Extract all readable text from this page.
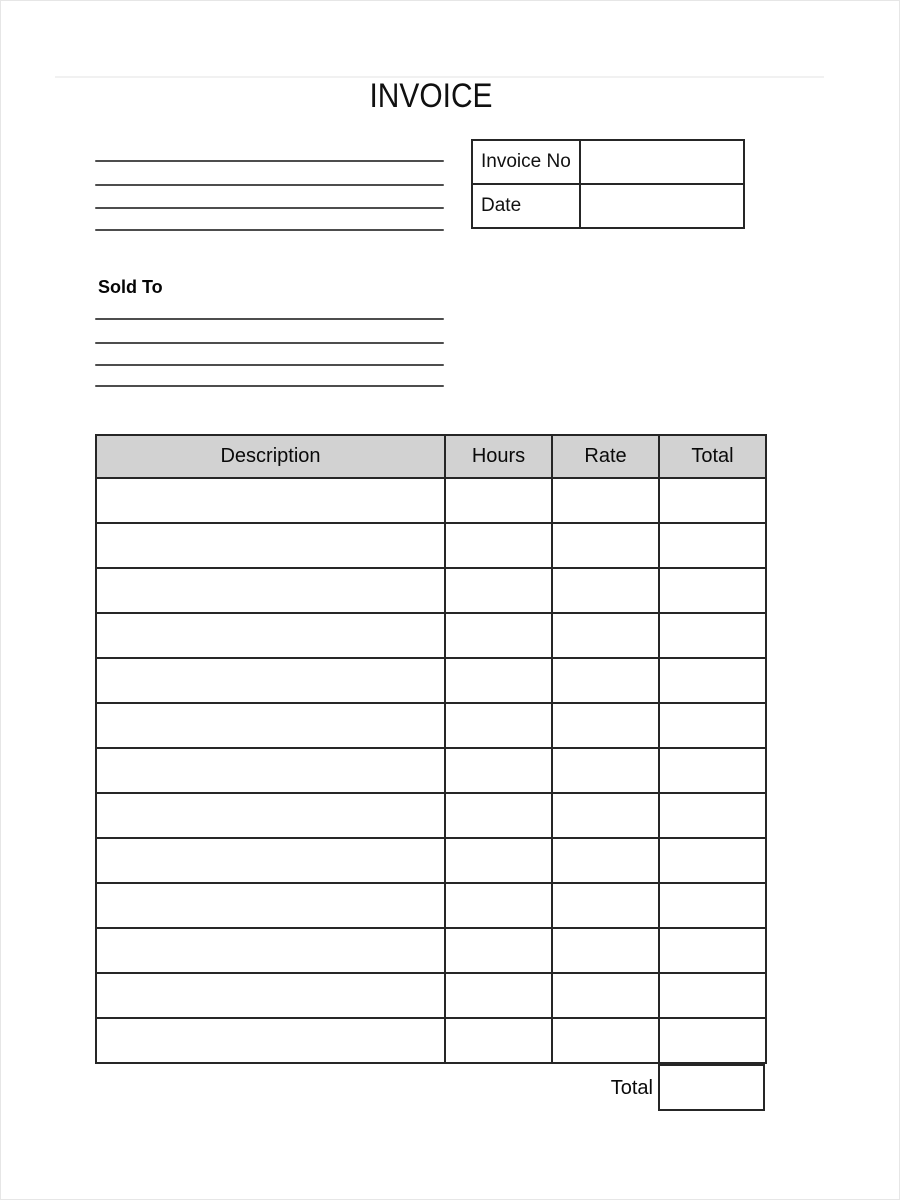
INVOICE
Invoice No
Date
Sold To
Description	Hours	Rate	Total

Total
